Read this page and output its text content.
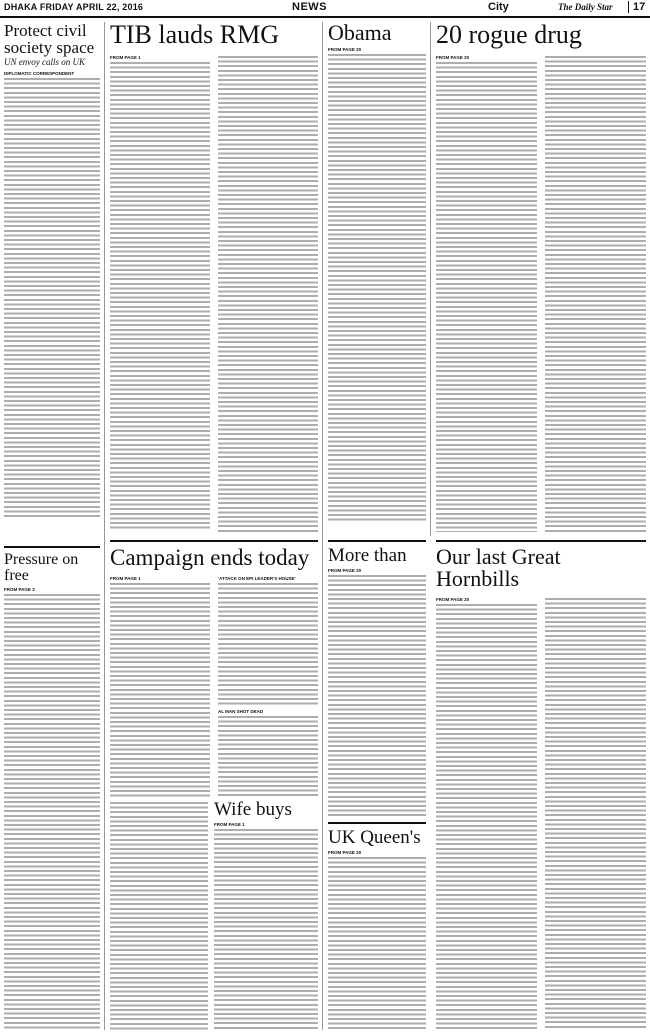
DHAKA FRIDAY APRIL 22, 2016	NEWS	City	The Daily Star	17
Protect civil society space
UN envoy calls on UK
DIPLOMATIC CORRESPONDENT
Pressure on free
FROM PAGE 3
TIB lauds RMG
FROM PAGE 1
Campaign ends today
FROM PAGE 1	'ATTACK ON EPI LEADER'S HOUSE'
AL MAN SHOT DEAD
Wife buys
FROM PAGE 1
Obama
FROM PAGE 20
More than
FROM PAGE 20
UK Queen's
FROM PAGE 20
20 rogue drug
FROM PAGE 20
Our last Great Hornbills
FROM PAGE 20
